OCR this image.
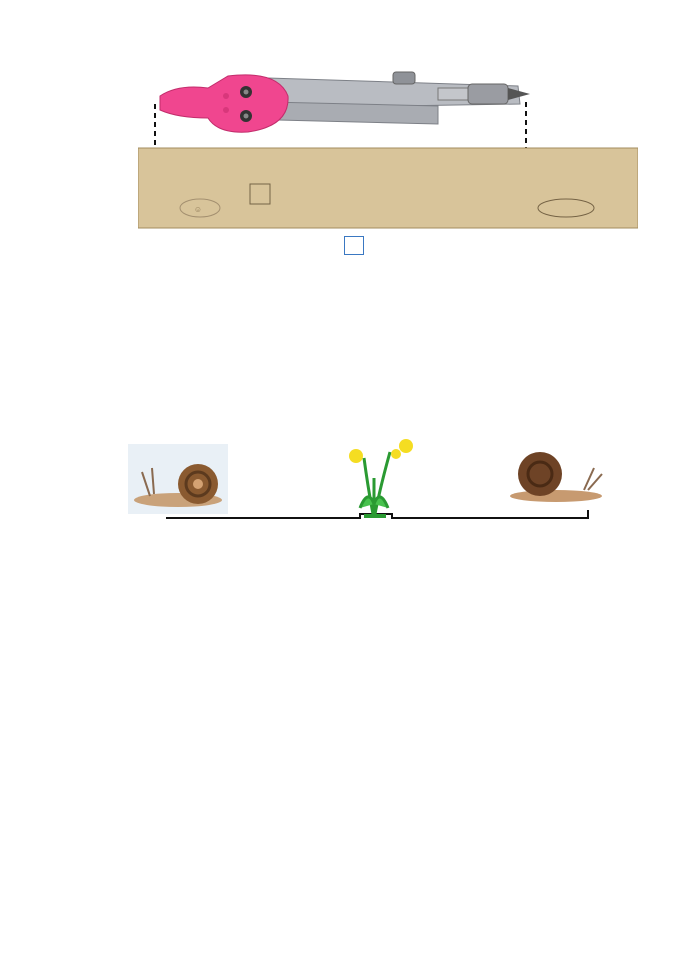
☺
